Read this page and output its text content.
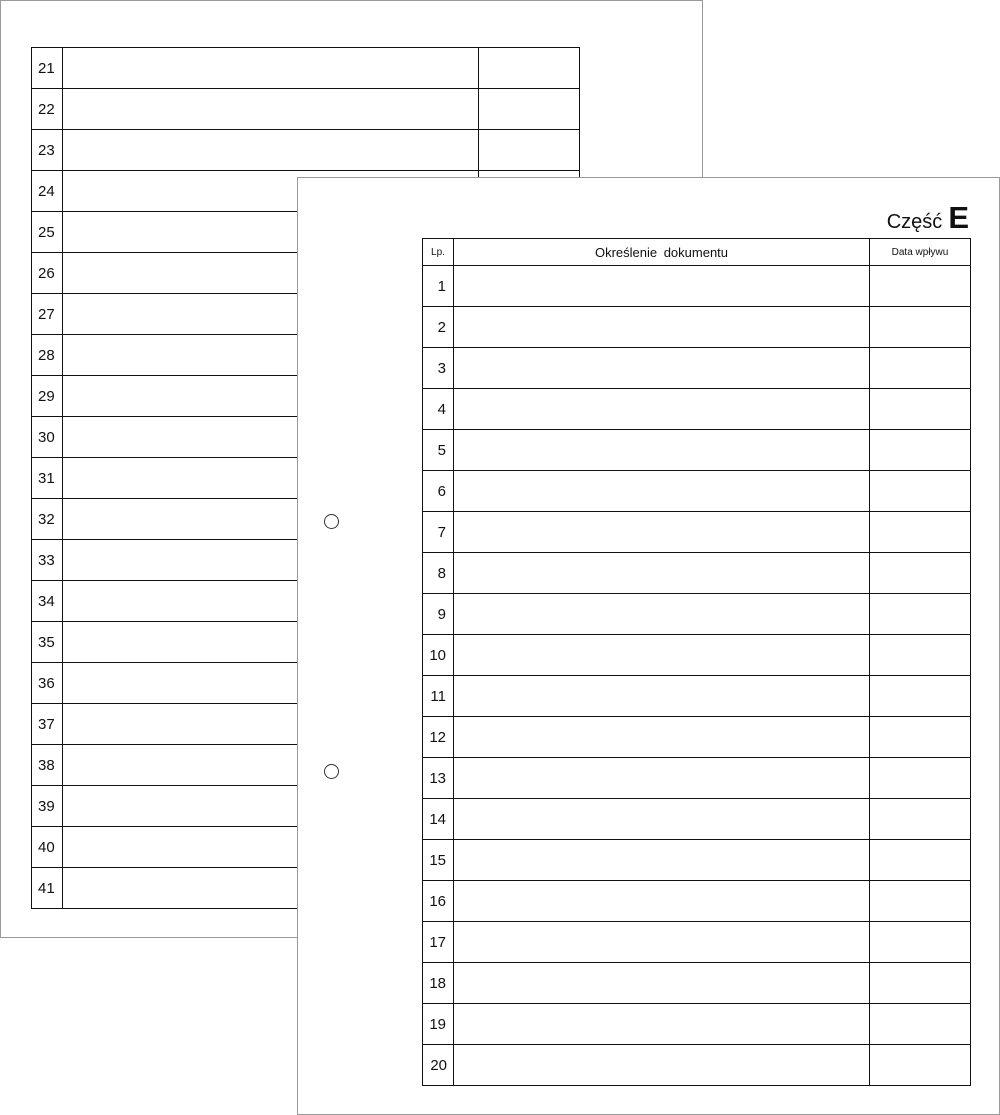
21		
22		
23		
24		
25		
26		
27		
28		
29		
30		
31		
32		
33		
34		
35		
36		
37		
38		
39		
40		
41		
Część E
Lp.	Określenie dokumentu	Data wpływu
1		
2		
3		
4		
5		
6		
7		
8		
9		
10		
11		
12		
13		
14		
15		
16		
17		
18		
19		
20		
